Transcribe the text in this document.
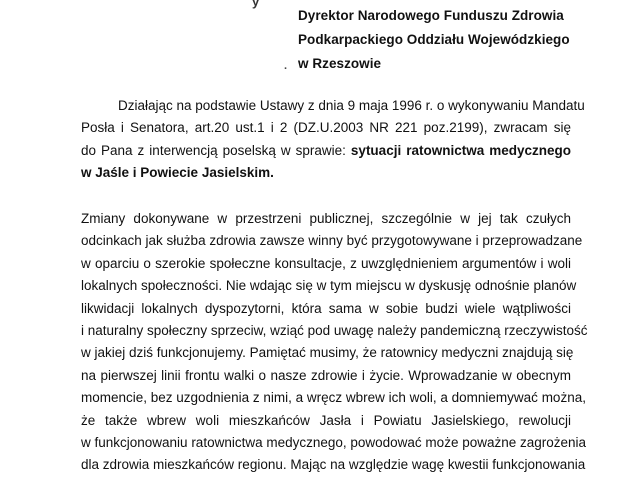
y
Dyrektor Narodowego Funduszu Zdrowia
Podkarpackiego Oddziału Wojewódzkiego
. w Rzeszowie
Działając na podstawie Ustawy z dnia 9 maja 1996 r. o wykonywaniu Mandatu
Posła i Senatora, art.20 ust.1 i 2 (DZ.U.2003 NR 221 poz.2199), zwracam się
do Pana z interwencją poselską w sprawie: sytuacji ratownictwa medycznego
w Jaśle i Powiecie Jasielskim.
Zmiany dokonywane w przestrzeni publicznej, szczególnie w jej tak czułych
odcinkach jak służba zdrowia zawsze winny być przygotowywane i przeprowadzane
w oparciu o szerokie społeczne konsultacje, z uwzględnieniem argumentów i woli
lokalnych społeczności. Nie wdając się w tym miejscu w dyskusję odnośnie planów
likwidacji lokalnych dyspozytorni, która sama w sobie budzi wiele wątpliwości
i naturalny społeczny sprzeciw, wziąć pod uwagę należy pandemiczną rzeczywistość
w jakiej dziś funkcjonujemy. Pamiętać musimy, że ratownicy medyczni znajdują się
na pierwszej linii frontu walki o nasze zdrowie i życie. Wprowadzanie w obecnym
momencie, bez uzgodnienia z nimi, a wręcz wbrew ich woli, a domniemywać można,
że także wbrew woli mieszkańców Jasła i Powiatu Jasielskiego, rewolucji
w funkcjonowaniu ratownictwa medycznego, powodować może poważne zagrożenia
dla zdrowia mieszkańców regionu. Mając na względzie wagę kwestii funkcjonowania
